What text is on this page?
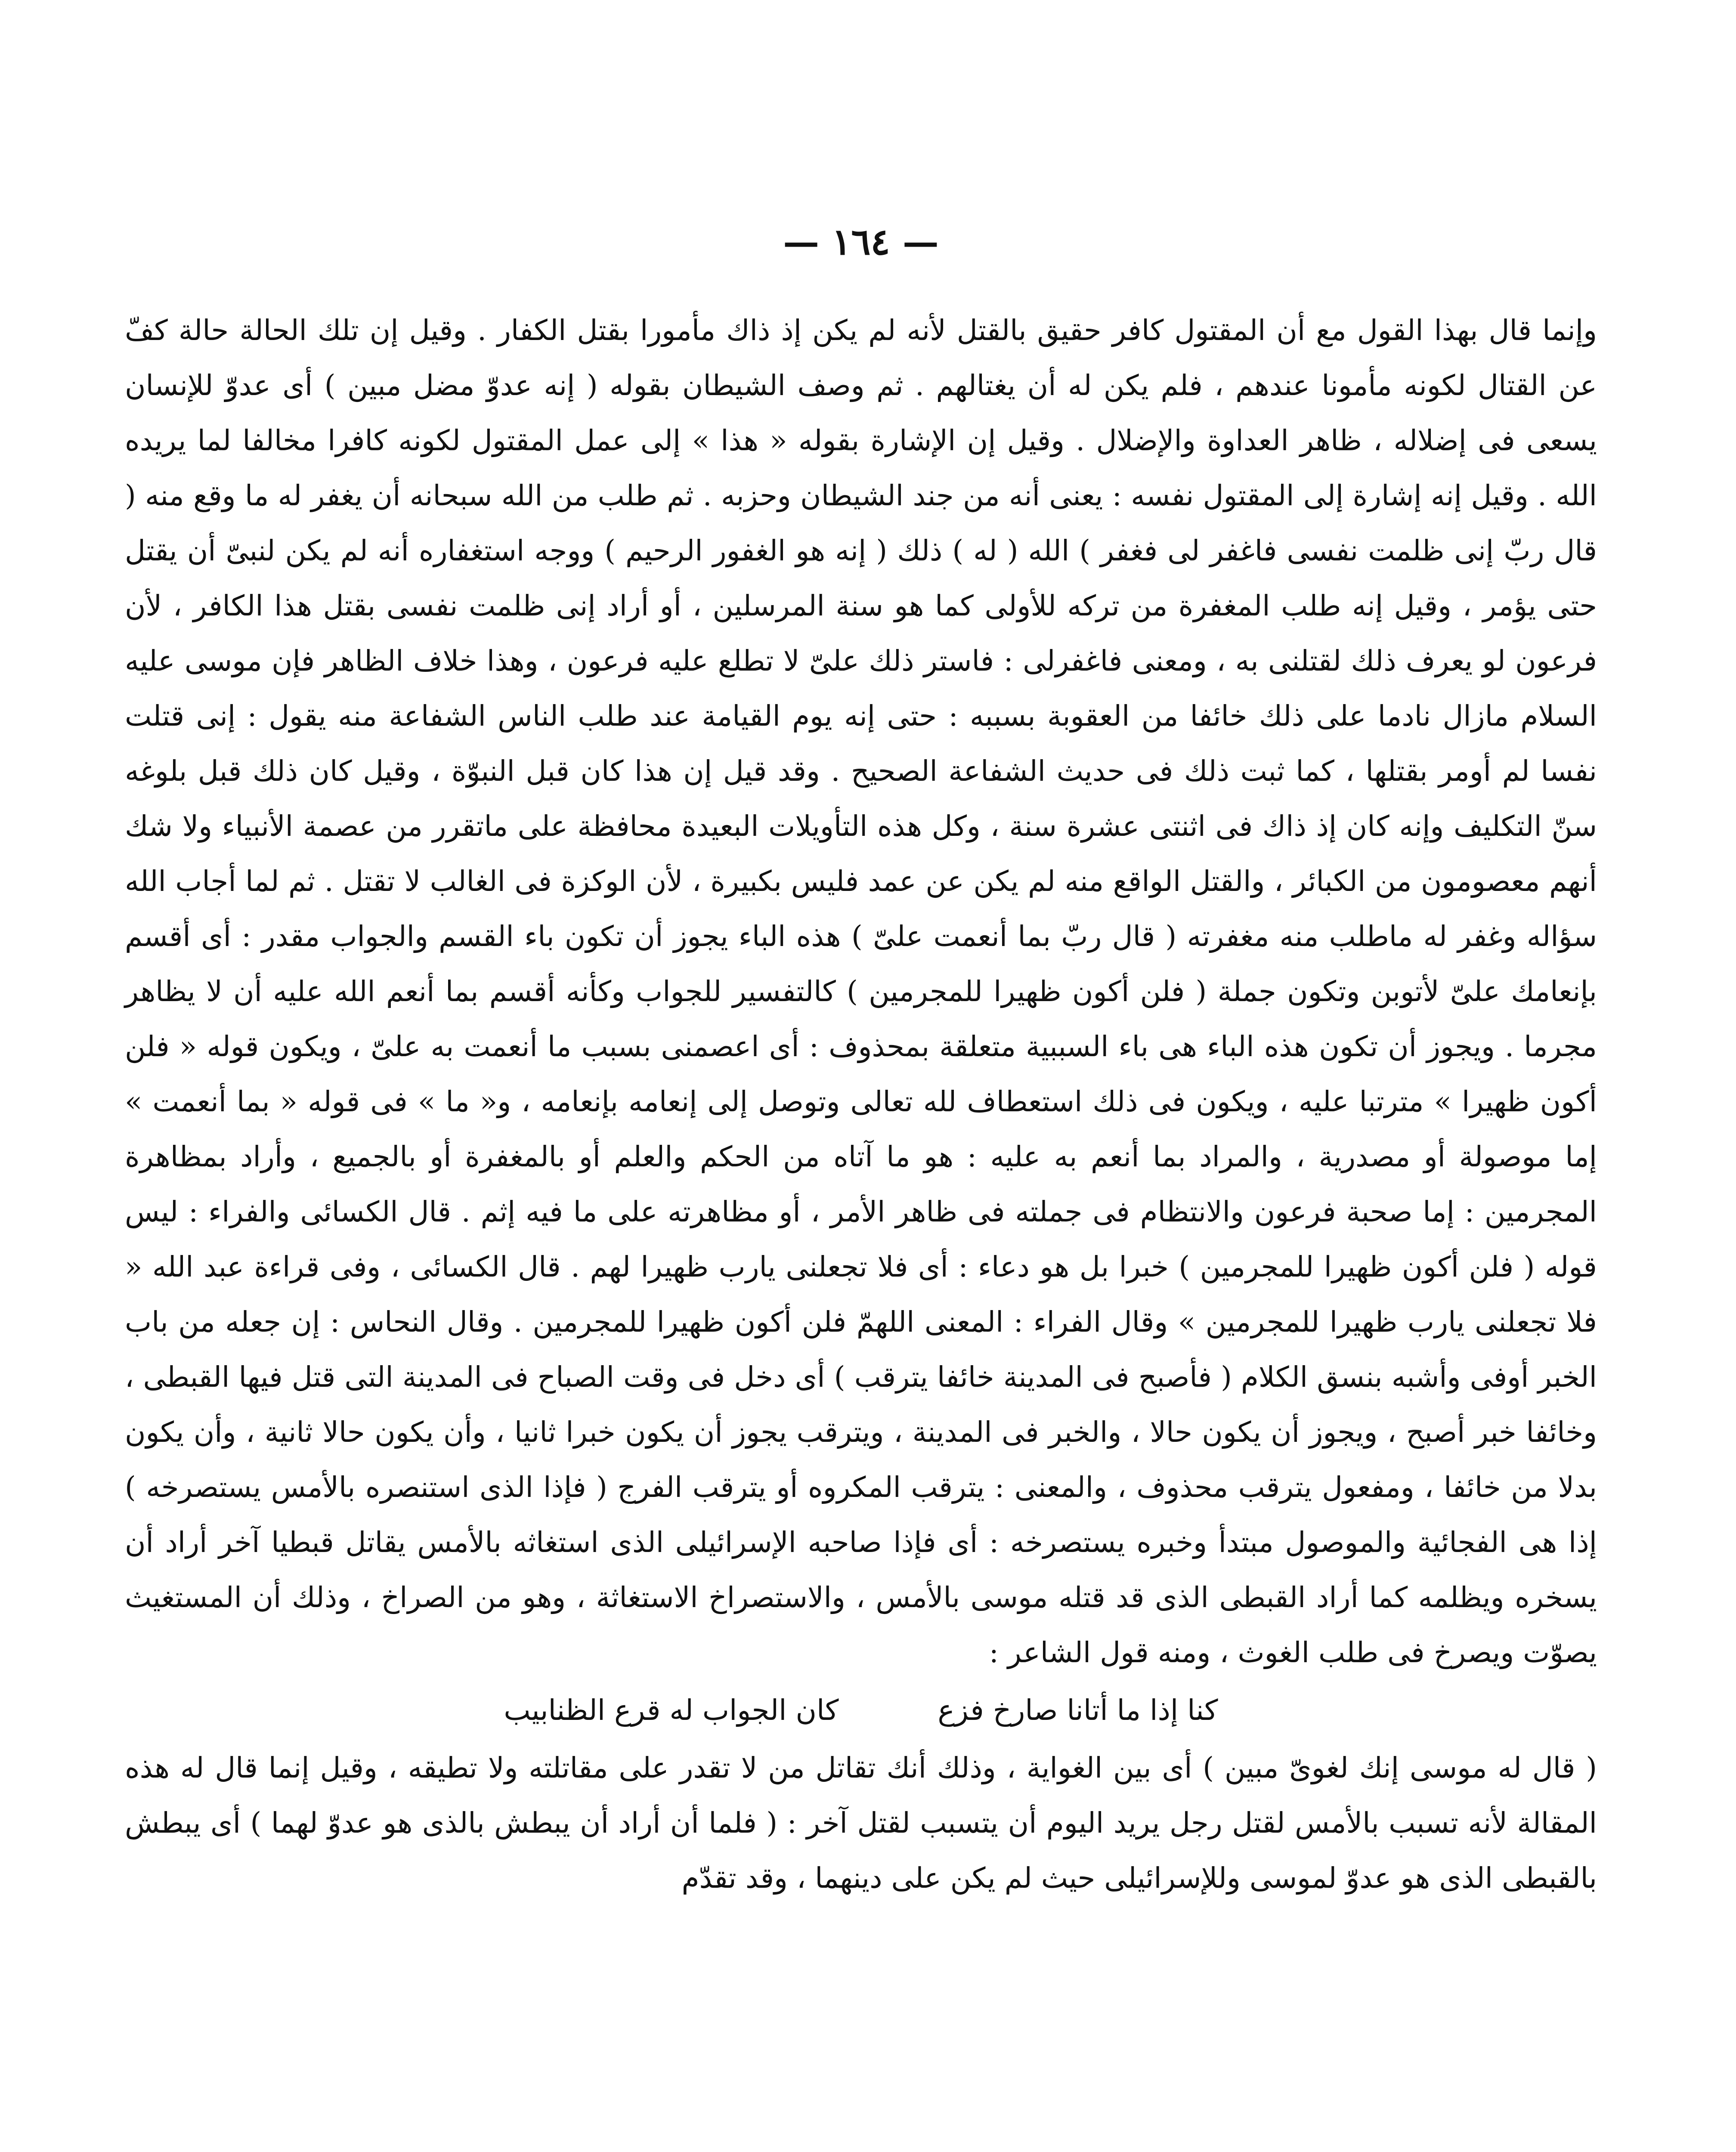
— ١٦٤ —

وإنما قال بهذا القول مع أن المقتول كافر حقيق بالقتل لأنه لم يكن إذ ذاك مأمورا بقتل الكفار . وقيل إن تلك الحالة حالة كفّ عن القتال لكونه مأمونا عندهم ، فلم يكن له أن يغتالهم . ثم وصف الشيطان بقوله ( إنه عدوّ مضل مبين ) أى عدوّ للإنسان يسعى فى إضلاله ، ظاهر العداوة والإضلال . وقيل إن الإشارة بقوله « هذا » إلى عمل المقتول لكونه كافرا مخالفا لما يريده الله . وقيل إنه إشارة إلى المقتول نفسه : يعنى أنه من جند الشيطان وحزبه . ثم طلب من الله سبحانه أن يغفر له ما وقع منه ( قال ربّ إنى ظلمت نفسى فاغفر لى فغفر ) الله ( له ) ذلك ( إنه هو الغفور الرحيم ) ووجه استغفاره أنه لم يكن لنبىّ أن يقتل حتى يؤمر ، وقيل إنه طلب المغفرة من تركه للأولى كما هو سنة المرسلين ، أو أراد إنى ظلمت نفسى بقتل هذا الكافر ، لأن فرعون لو يعرف ذلك لقتلنى به ، ومعنى فاغفرلى : فاستر ذلك علىّ لا تطلع عليه فرعون ، وهذا خلاف الظاهر فإن موسى عليه السلام مازال نادما على ذلك خائفا من العقوبة بسببه : حتى إنه يوم القيامة عند طلب الناس الشفاعة منه يقول : إنى قتلت نفسا لم أومر بقتلها ، كما ثبت ذلك فى حديث الشفاعة الصحيح . وقد قيل إن هذا كان قبل النبوّة ، وقيل كان ذلك قبل بلوغه سنّ التكليف وإنه كان إذ ذاك فى اثنتى عشرة سنة ، وكل هذه التأويلات البعيدة محافظة على ماتقرر من عصمة الأنبياء ولا شك أنهم معصومون من الكبائر ، والقتل الواقع منه لم يكن عن عمد فليس بكبيرة ، لأن الوكزة فى الغالب لا تقتل . ثم لما أجاب الله سؤاله وغفر له ماطلب منه مغفرته ( قال ربّ بما أنعمت علىّ ) هذه الباء يجوز أن تكون باء القسم والجواب مقدر : أى أقسم بإنعامك علىّ لأتوبن وتكون جملة ( فلن أكون ظهيرا للمجرمين ) كالتفسير للجواب وكأنه أقسم بما أنعم الله عليه أن لا يظاهر مجرما . ويجوز أن تكون هذه الباء هى باء السببية متعلقة بمحذوف : أى اعصمنى بسبب ما أنعمت به علىّ ، ويكون قوله « فلن أكون ظهيرا » مترتبا عليه ، ويكون فى ذلك استعطاف لله تعالى وتوصل إلى إنعامه بإنعامه ، و« ما » فى قوله « بما أنعمت » إما موصولة أو مصدرية ، والمراد بما أنعم به عليه : هو ما آتاه من الحكم والعلم أو بالمغفرة أو بالجميع ، وأراد بمظاهرة المجرمين : إما صحبة فرعون والانتظام فى جملته فى ظاهر الأمر ، أو مظاهرته على ما فيه إثم . قال الكسائى والفراء : ليس قوله ( فلن أكون ظهيرا للمجرمين ) خبرا بل هو دعاء : أى فلا تجعلنى يارب ظهيرا لهم . قال الكسائى ، وفى قراءة عبد الله « فلا تجعلنى يارب ظهيرا للمجرمين » وقال الفراء : المعنى اللهمّ فلن أكون ظهيرا للمجرمين . وقال النحاس : إن جعله من باب الخبر أوفى وأشبه بنسق الكلام ( فأصبح فى المدينة خائفا يترقب ) أى دخل فى وقت الصباح فى المدينة التى قتل فيها القبطى ، وخائفا خبر أصبح ، ويجوز أن يكون حالا ، والخبر فى المدينة ، ويترقب يجوز أن يكون خبرا ثانيا ، وأن يكون حالا ثانية ، وأن يكون بدلا من خائفا ، ومفعول يترقب محذوف ، والمعنى : يترقب المكروه أو يترقب الفرج ( فإذا الذى استنصره بالأمس يستصرخه ) إذا هى الفجائية والموصول مبتدأ وخبره يستصرخه : أى فإذا صاحبه الإسرائيلى الذى استغاثه بالأمس يقاتل قبطيا آخر أراد أن يسخره ويظلمه كما أراد القبطى الذى قد قتله موسى بالأمس ، والاستصراخ الاستغاثة ، وهو من الصراخ ، وذلك أن المستغيث يصوّت ويصرخ فى طلب الغوث ، ومنه قول الشاعر :

كنا إذا ما أتانا صارخ فزع
كان الجواب له قرع الظنابيب

( قال له موسى إنك لغوىّ مبين ) أى بين الغواية ، وذلك أنك تقاتل من لا تقدر على مقاتلته ولا تطيقه ، وقيل إنما قال له هذه المقالة لأنه تسبب بالأمس لقتل رجل يريد اليوم أن يتسبب لقتل آخر : ( فلما أن أراد أن يبطش بالذى هو عدوّ لهما ) أى يبطش بالقبطى الذى هو عدوّ لموسى وللإسرائيلى حيث لم يكن على دينهما ، وقد تقدّم
